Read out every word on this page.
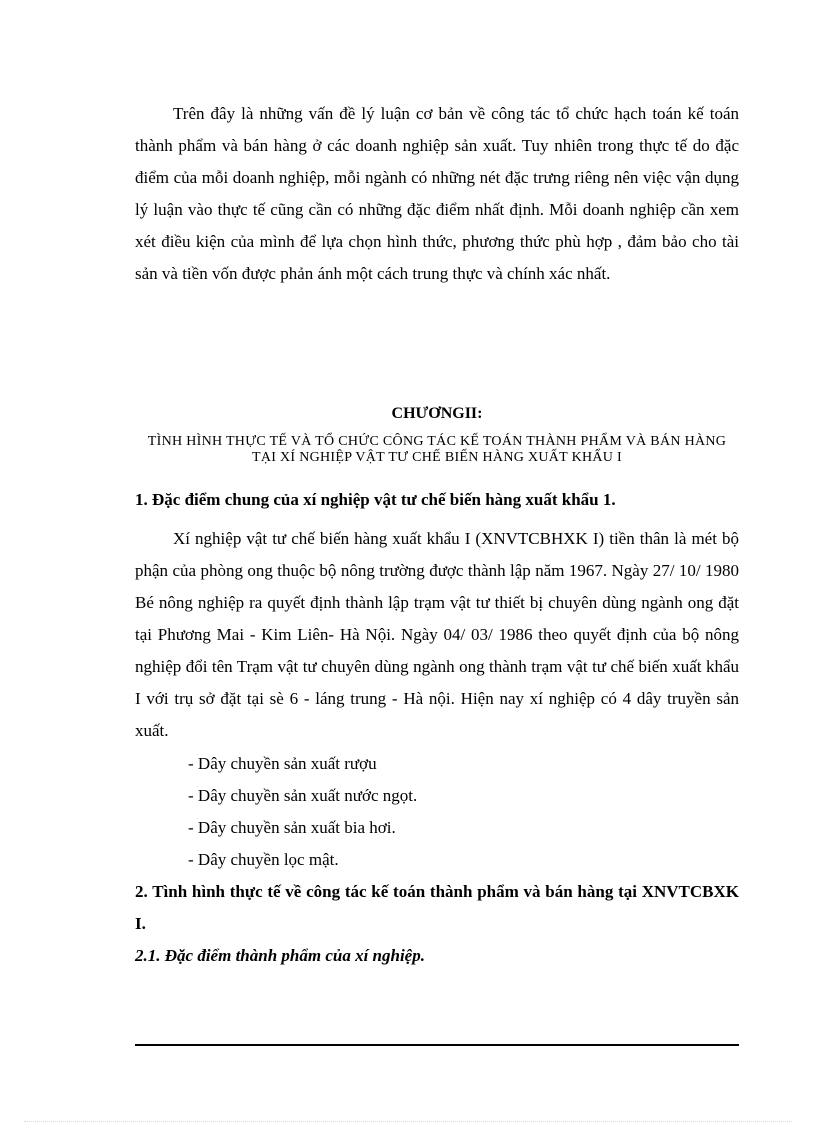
Trên đây là những vấn đề lý luận cơ bản về công tác tổ chức hạch toán kế toán thành phẩm và bán hàng ở các doanh nghiệp sản xuất. Tuy nhiên trong thực tế do đặc điểm của mỗi doanh nghiệp, mỗi ngành có những nét đặc trưng riêng nên việc vận dụng lý luận vào thực tế cũng cần có những đặc điểm nhất định. Mỗi doanh nghiệp cần xem xét điều kiện của mình để lựa chọn hình thức, phương thức phù hợp , đảm bảo cho tài sản và tiền vốn được phản ánh một cách trung thực và chính xác nhất.

CHƯƠNGII:
TÌNH HÌNH THỰC TẾ VÀ TỔ CHỨC CÔNG TÁC KẾ TOÁN THÀNH PHẨM VÀ BÁN HÀNG TẠI XÍ NGHIỆP VẬT TƯ CHẾ BIẾN HÀNG XUẤT KHẨU I
1. Đặc điểm chung của xí nghiệp vật tư chế biến hàng xuất khẩu 1.

Xí nghiệp vật tư chế biến hàng xuất khẩu I (XNVTCBHXK I) tiền thân là mét bộ phận của phòng ong thuộc bộ nông trường được thành lập năm 1967. Ngày 27/ 10/ 1980 Bé nông nghiệp ra quyết định thành lập trạm vật tư thiết bị chuyên dùng ngành ong đặt tại Phương Mai - Kim Liên- Hà Nội. Ngày 04/ 03/ 1986 theo quyết định của bộ nông nghiệp đổi tên Trạm vật tư chuyên dùng ngành ong thành trạm vật tư chế biến xuất khẩu I với trụ sở đặt tại sè 6 - láng trung - Hà nội. Hiện nay xí nghiệp có 4 dây truyền sản xuất.

- Dây chuyền sản xuất rượu
- Dây chuyền sản xuất nước ngọt.
- Dây chuyền sản xuất bia hơi.
- Dây chuyền lọc mật.
2. Tình hình thực tế về công tác kế toán thành phẩm và bán hàng tại XNVTCBXK I.
2.1. Đặc điểm thành phẩm của xí nghiệp.
